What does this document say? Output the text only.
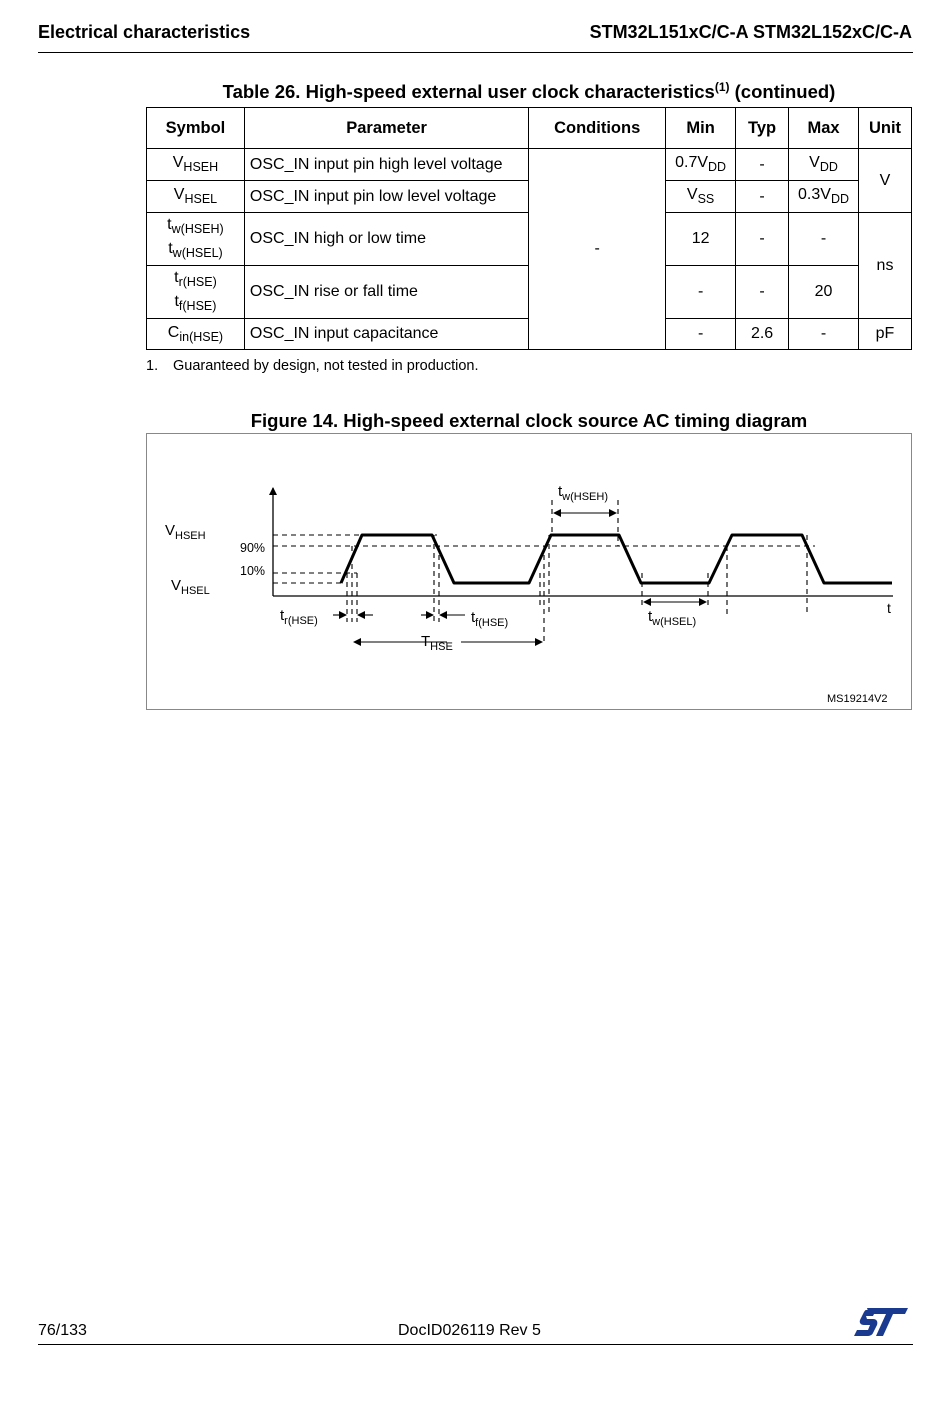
Electrical characteristics	STM32L151xC/C-A STM32L152xC/C-A
Table 26. High-speed external user clock characteristics$^{(1)}$ (continued)
Symbol	Parameter	Conditions	Min	Typ	Max	Unit
$V_{HSEH}$	OSC_IN input pin high level voltage	-	$0.7V_{DD}$	-	$V_{DD}$	V
$V_{HSEL}$	OSC_IN input pin low level voltage		$V_{SS}$	-	$0.3V_{DD}$
$t_{w(HSEH)}$
$t_{w(HSEL)}$	OSC_IN high or low time		12	-	-	ns
$t_{r(HSE)}$
$t_{f(HSE)}$	OSC_IN rise or fall time		-	-	20	
$C_{in(HSE)}$	OSC_IN input capacitance		-	2.6	-	pF
1. Guaranteed by design, not tested in production.
Figure 14. High-speed external clock source AC timing diagram
$V_{HSEH}$
$V_{HSEL}$
90%
10%
t
$t_{r(HSE)}$	$t_{f(HSE)}$
$T_{HSE}$
$t_{w(HSEH)}$
$t_{w(HSEL)}$
MS19214V2
76/133	DocID026119 Rev 5
